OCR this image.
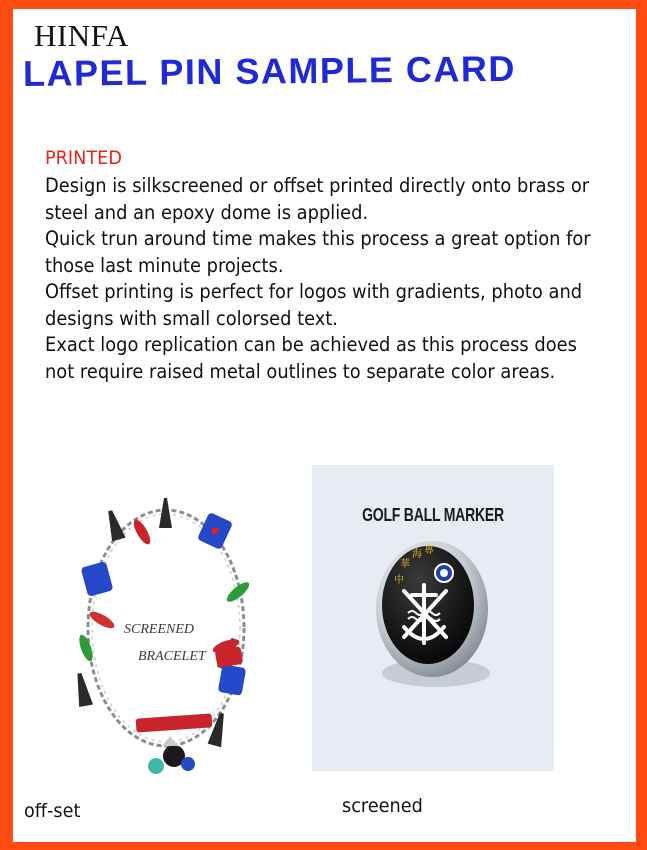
HINFA
LAPEL PIN SAMPLE CARD
PRINTED

Design is silkscreened or offset printed directly onto brass or steel and an epoxy dome is applied.

Quick trun around time makes this process a great option for those last minute projects.

Offset printing is perfect for logos with gradients, photo and designs with small colorsed text.

Exact logo replication can be achieved as this process does not require raised metal outlines to separate color areas.

SCREENED
BRACELET
GOLF BALL MARKER
中
華
海 專
off-set	screened
